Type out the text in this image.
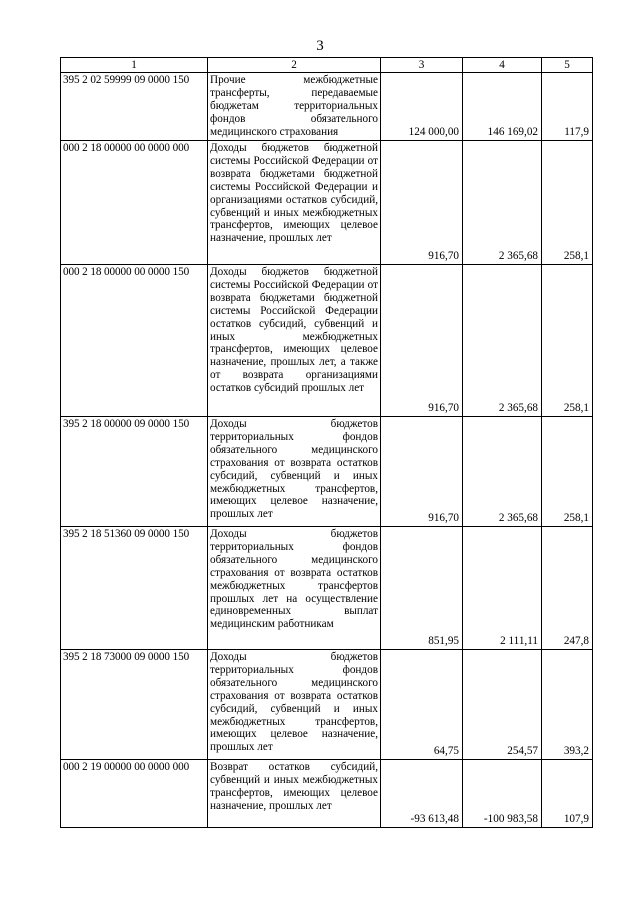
3
1	2	3	4	5
395 2 02 59999 09 0000 150	Прочие межбюджетные трансферты, передаваемые бюджетам территориальных фондов обязательного медицинского страхования	124 000,00	146 169,02	117,9
000 2 18 00000 00 0000 000	Доходы бюджетов бюджетной системы Российской Федерации от возврата бюджетами бюджетной системы Российской Федерации и организациями остатков субсидий, субвенций и иных межбюджетных трансфертов, имеющих целевое назначение, прошлых лет	916,70	2 365,68	258,1
000 2 18 00000 00 0000 150	Доходы бюджетов бюджетной системы Российской Федерации от возврата бюджетами бюджетной системы Российской Федерации остатков субсидий, субвенций и иных межбюджетных трансфертов, имеющих целевое назначение, прошлых лет, а также от возврата организациями остатков субсидий прошлых лет	916,70	2 365,68	258,1
395 2 18 00000 09 0000 150	Доходы бюджетов территориальных фондов обязательного медицинского страхования от возврата остатков субсидий, субвенций и иных межбюджетных трансфертов, имеющих целевое назначение, прошлых лет	916,70	2 365,68	258,1
395 2 18 51360 09 0000 150	Доходы бюджетов территориальных фондов обязательного медицинского страхования от возврата остатков межбюджетных трансфертов прошлых лет на осуществление единовременных выплат медицинским работникам	851,95	2 111,11	247,8
395 2 18 73000 09 0000 150	Доходы бюджетов территориальных фондов обязательного медицинского страхования от возврата остатков субсидий, субвенций и иных межбюджетных трансфертов, имеющих целевое назначение, прошлых лет	64,75	254,57	393,2
000 2 19 00000 00 0000 000	Возврат остатков субсидий, субвенций и иных межбюджетных трансфертов, имеющих целевое назначение, прошлых лет	-93 613,48	-100 983,58	107,9
